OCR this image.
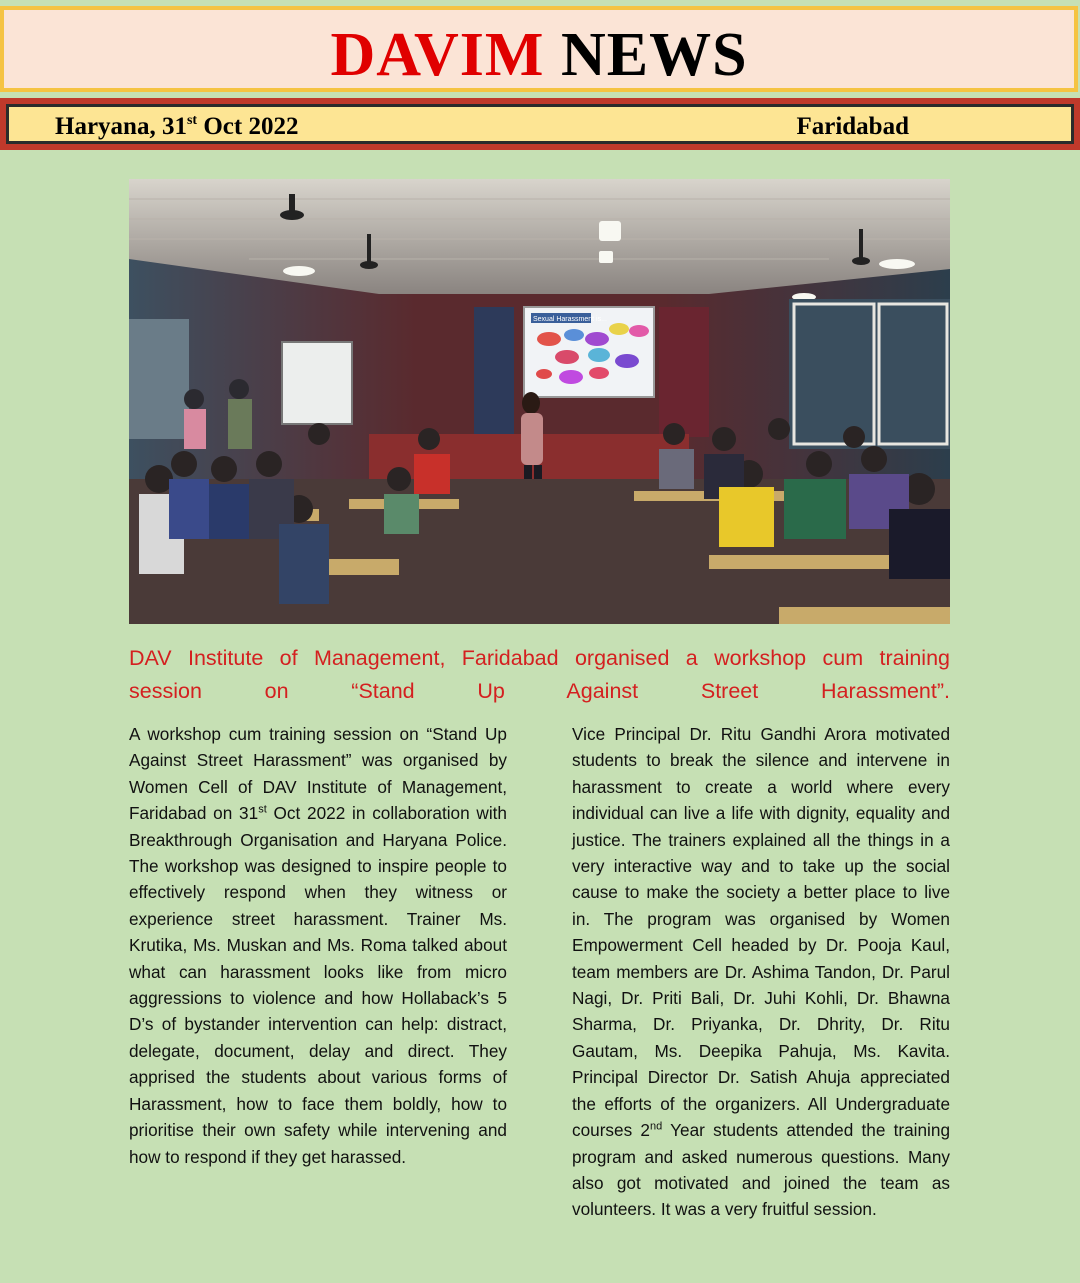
DAVIM NEWS
Haryana, 31st Oct 2022	Faridabad
Sexual Harassment is...
DAV Institute of Management, Faridabad organised a workshop cum training
session on “Stand Up Against Street Harassment”.
A workshop cum training session on “Stand Up Against Street Harassment” was organised by Women Cell of DAV Institute of Management, Faridabad on 31st Oct 2022 in collaboration with Breakthrough Organisation and Haryana Police. The workshop was designed to inspire people to effectively respond when they witness or experience street harassment. Trainer Ms. Krutika, Ms. Muskan and Ms. Roma talked about what can harassment looks like from micro aggressions to violence and how Hollaback’s 5 D’s of bystander intervention can help: distract, delegate, document, delay and direct. They apprised the students about various forms of Harassment, how to face them boldly, how to prioritise their own safety while intervening and how to respond if they get harassed.
Vice Principal Dr. Ritu Gandhi Arora motivated students to break the silence and intervene in harassment to create a world where every individual can live a life with dignity, equality and justice. The trainers explained all the things in a very interactive way and to take up the social cause to make the society a better place to live in. The program was organised by Women Empowerment Cell headed by Dr. Pooja Kaul, team members are Dr. Ashima Tandon, Dr. Parul Nagi, Dr. Priti Bali, Dr. Juhi Kohli, Dr. Bhawna Sharma, Dr. Priyanka, Dr. Dhrity, Dr. Ritu Gautam, Ms. Deepika Pahuja, Ms. Kavita. Principal Director Dr. Satish Ahuja appreciated the efforts of the organizers. All Undergraduate courses 2nd Year students attended the training program and asked numerous questions. Many also got motivated and joined the team as volunteers. It was a very fruitful session.
